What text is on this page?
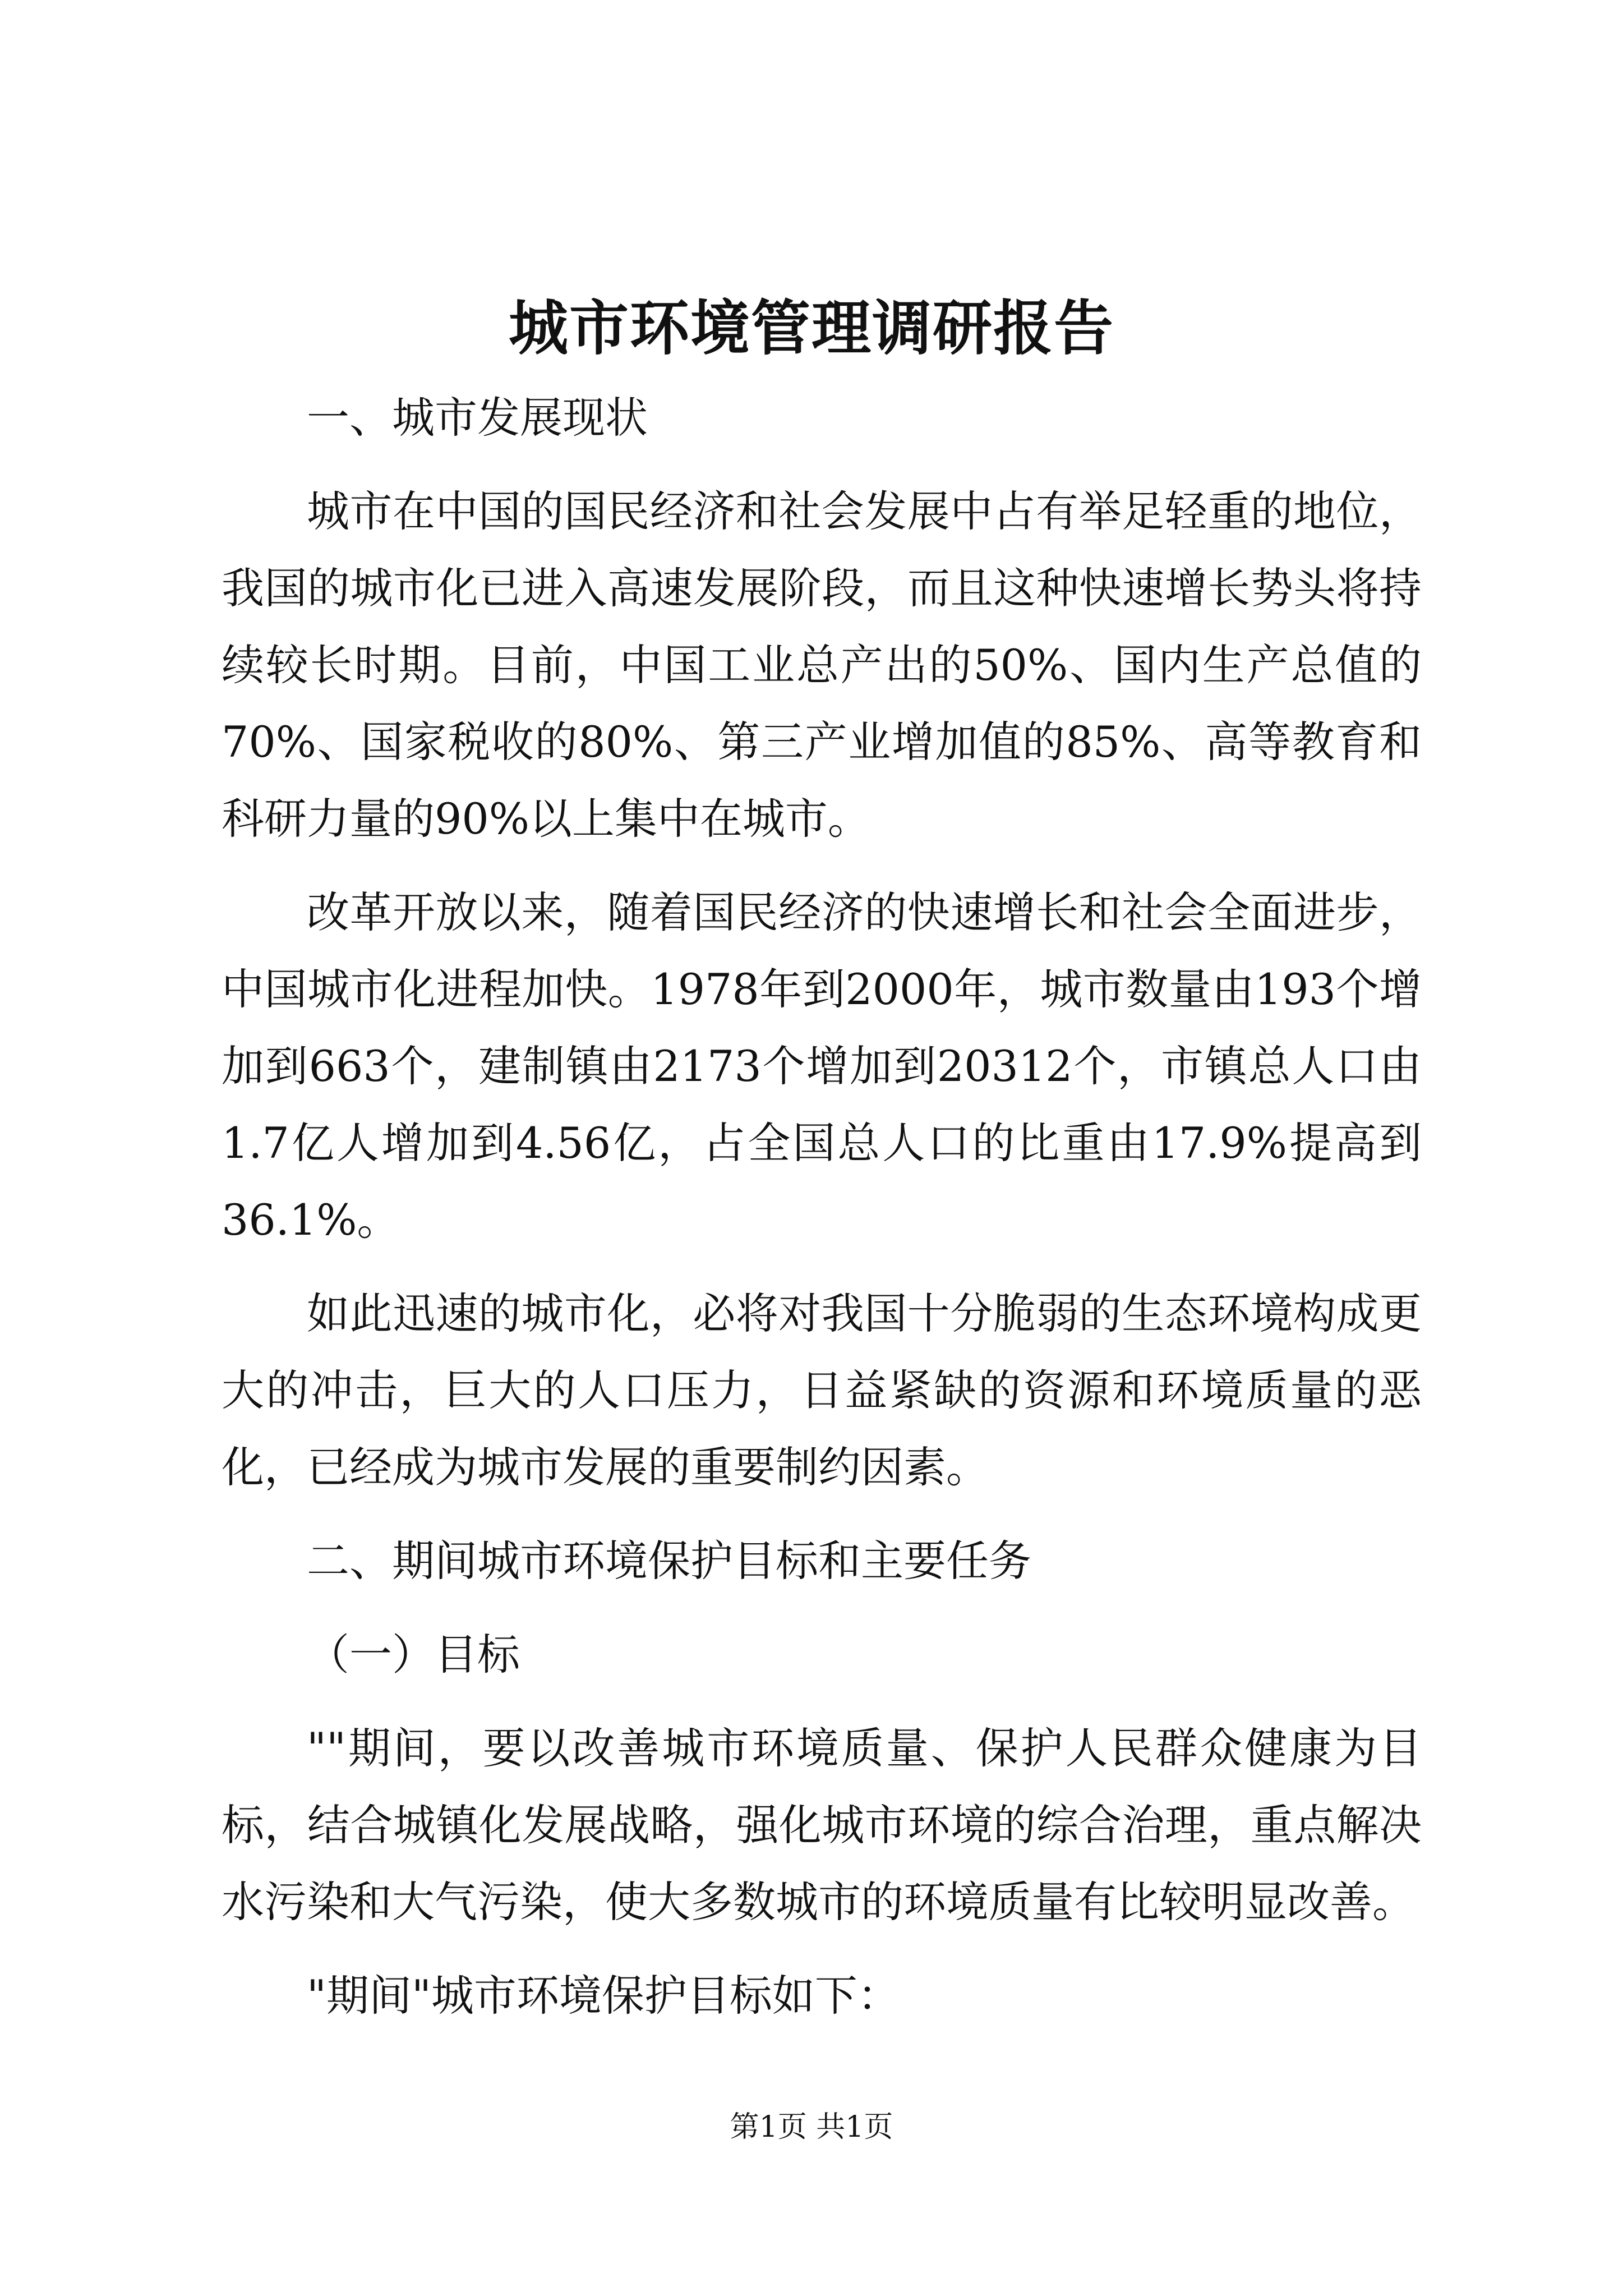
城市环境管理调研报告

一、城市发展现状

城市在中国的国民经济和社会发展中占有举足轻重的地位，我国的城市化已进入高速发展阶段，而且这种快速增长势头将持续较长时期。目前，中国工业总产出的50%、国内生产总值的70%、国家税收的80%、第三产业增加值的85%、高等教育和科研力量的90%以上集中在城市。

改革开放以来，随着国民经济的快速增长和社会全面进步，中国城市化进程加快。1978年到2000年，城市数量由193个增加到663个，建制镇由2173个增加到20312个，市镇总人口由1.7亿人增加到4.56亿，占全国总人口的比重由17.9%提高到36.1%。

如此迅速的城市化，必将对我国十分脆弱的生态环境构成更大的冲击，巨大的人口压力，日益紧缺的资源和环境质量的恶化，已经成为城市发展的重要制约因素。

二、期间城市环境保护目标和主要任务

（一）目标

""期间，要以改善城市环境质量、保护人民群众健康为目标，结合城镇化发展战略，强化城市环境的综合治理，重点解决水污染和大气污染，使大多数城市的环境质量有比较明显改善。

"期间"城市环境保护目标如下：

第1页 共1页
